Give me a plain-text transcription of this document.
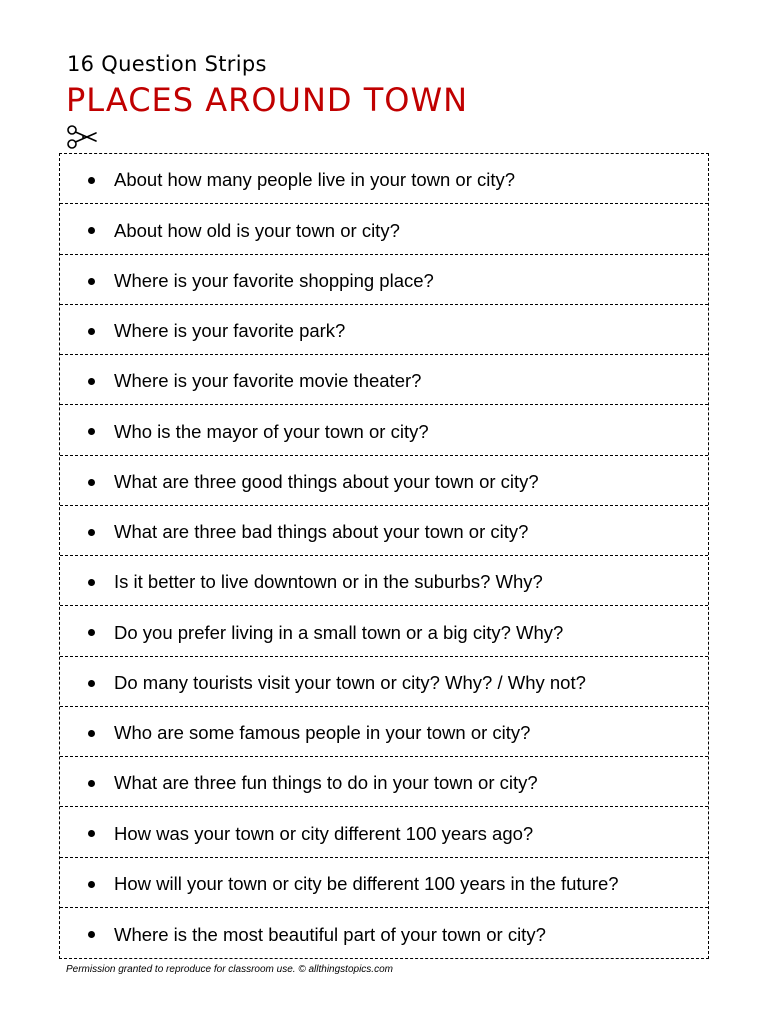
16 Question Strips
PLACES AROUND TOWN
About how many people live in your town or city?
About how old is your town or city?
Where is your favorite shopping place?
Where is your favorite park?
Where is your favorite movie theater?
Who is the mayor of your town or city?
What are three good things about your town or city?
What are three bad things about your town or city?
Is it better to live downtown or in the suburbs? Why?
Do you prefer living in a small town or a big city? Why?
Do many tourists visit your town or city? Why? / Why not?
Who are some famous people in your town or city?
What are three fun things to do in your town or city?
How was your town or city different 100 years ago?
How will your town or city be different 100 years in the future?
Where is the most beautiful part of your town or city?
Permission granted to reproduce for classroom use. © allthingstopics.com
